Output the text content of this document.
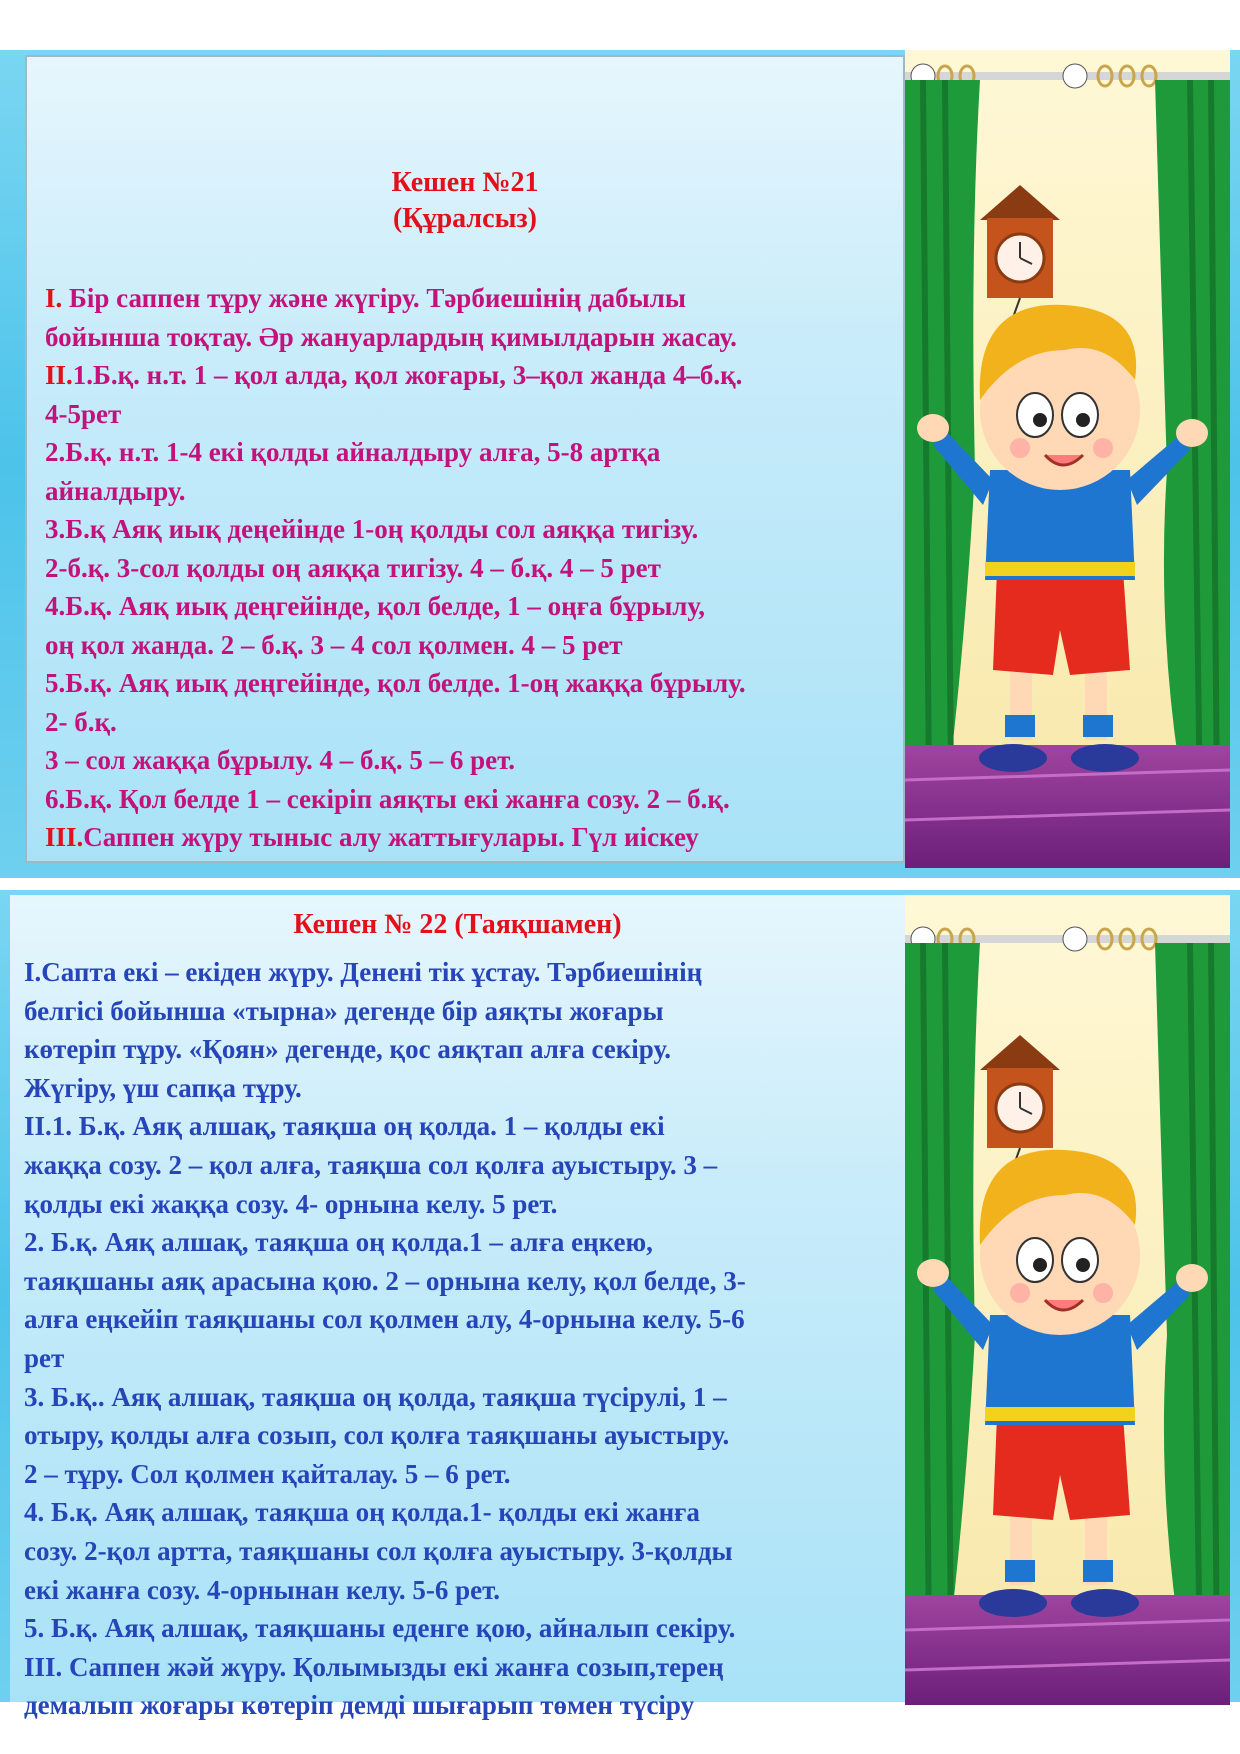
Кешен №21

(Құралсыз)

І. Бір саппен тұру және жүгіру. Тәрбиешінің дабылы
бойынша тоқтау. Әр жануарлардың қимылдарын жасау.
ІІ.1.Б.қ. н.т. 1 – қол алда, қол жоғары, 3–қол жанда 4–б.қ.
4-5рет
2.Б.қ. н.т. 1-4 екі қолды айналдыру алға, 5-8 артқа
айналдыру.
3.Б.қ Аяқ иық деңейінде 1-оң қолды сол аяққа тигізу.
2-б.қ. 3-сол қолды оң аяққа тигізу. 4 – б.қ. 4 – 5 рет
4.Б.қ. Аяқ иық деңгейінде, қол белде, 1 – оңға бұрылу,
оң қол жанда. 2 – б.қ. 3 – 4 сол қолмен. 4 – 5 рет
5.Б.қ. Аяқ иық деңгейінде, қол белде. 1-оң жаққа бұрылу.
2- б.қ.
3 – сол жаққа бұрылу. 4 – б.қ. 5 – 6 рет.
6.Б.қ. Қол белде 1 – секіріп аяқты екі жанға созу. 2 – б.қ.
ІІІ.Саппен жүру тыныс алу жаттығулары. Гүл иіскеу

Кешен № 22 (Таяқшамен)

І.Сапта екі – екіден жүру. Денені тік ұстау. Тәрбиешінің
белгісі бойынша «тырна» дегенде бір аяқты жоғары
көтеріп тұру. «Қоян» дегенде, қос аяқтап алға секіру.
Жүгіру, үш сапқа тұру.
ІІ.1. Б.қ. Аяқ алшақ, таяқша оң қолда. 1 – қолды екі
жаққа созу. 2 – қол алға, таяқша сол қолға ауыстыру. 3 –
қолды екі жаққа созу. 4- орнына келу. 5 рет.
2. Б.қ. Аяқ алшақ, таяқша оң қолда.1 – алға еңкею,
таяқшаны аяқ арасына қою. 2 – орнына келу, қол белде, 3-
алға еңкейіп таяқшаны сол қолмен алу, 4-орнына келу. 5-6
рет
3. Б.қ.. Аяқ алшақ, таяқша оң қолда, таяқша түсірулі, 1 –
отыру, қолды алға созып, сол қолға таяқшаны ауыстыру.
2 – тұру. Сол қолмен қайталау. 5 – 6 рет.
4. Б.қ. Аяқ алшақ, таяқша оң қолда.1- қолды екі жанға
созу. 2-қол артта, таяқшаны сол қолға ауыстыру. 3-қолды
екі жанға созу. 4-орнынан келу. 5-6 рет.
5. Б.қ. Аяқ алшақ, таяқшаны еденге қою, айналып секіру.
ІІІ. Саппен жәй жүру. Қолымызды екі жанға созып,терең
демалып жоғары көтеріп демді шығарып төмен түсіру
